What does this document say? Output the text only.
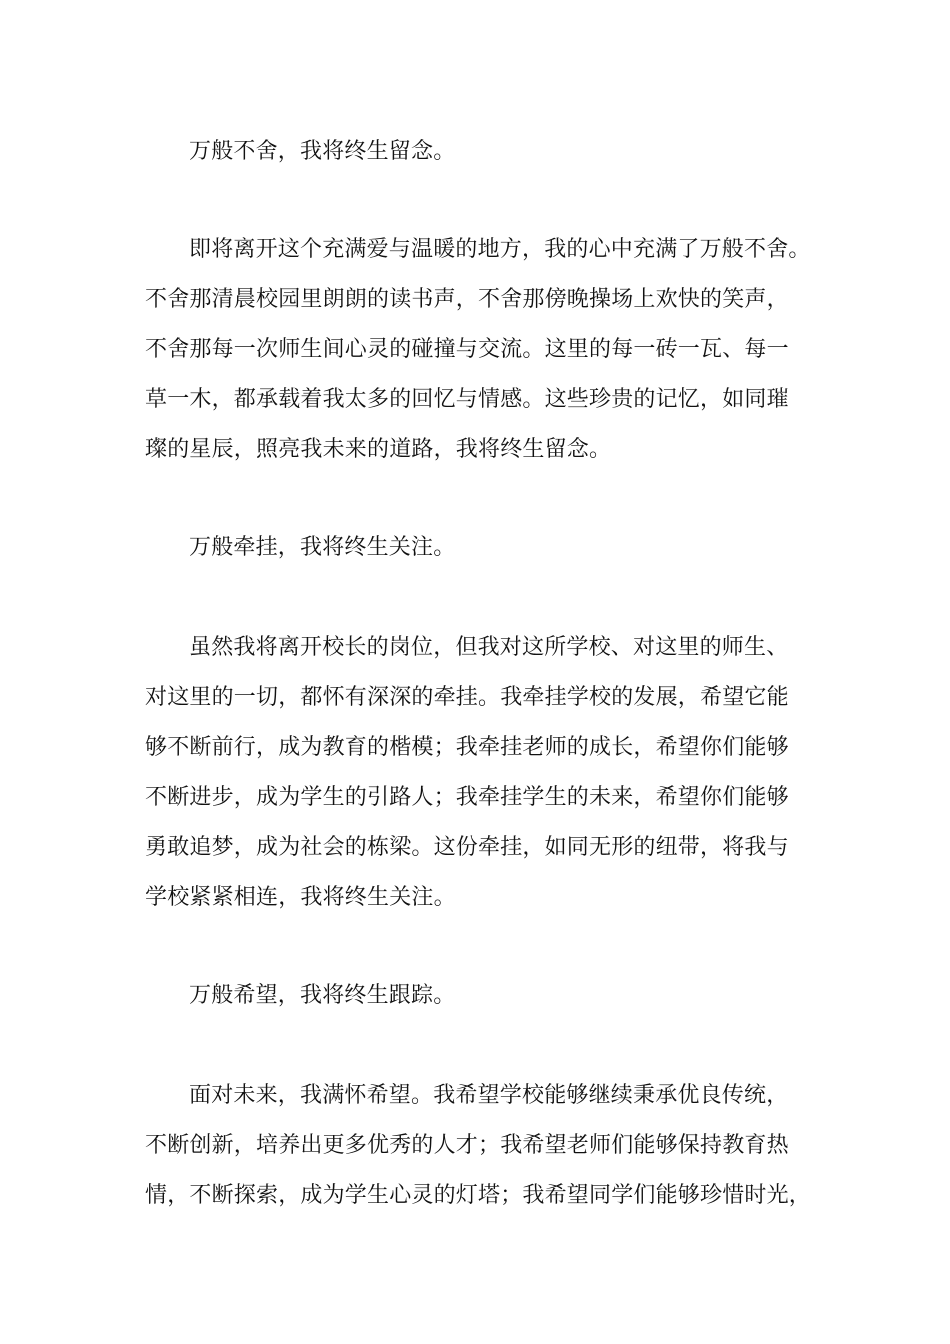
万般不舍，我将终生留念。
即将离开这个充满爱与温暖的地方，我的心中充满了万般不舍。
不舍那清晨校园里朗朗的读书声，不舍那傍晚操场上欢快的笑声，
不舍那每一次师生间心灵的碰撞与交流。这里的每一砖一瓦、每一
草一木，都承载着我太多的回忆与情感。这些珍贵的记忆，如同璀
璨的星辰，照亮我未来的道路，我将终生留念。
万般牵挂，我将终生关注。
虽然我将离开校长的岗位，但我对这所学校、对这里的师生、
对这里的一切，都怀有深深的牵挂。我牵挂学校的发展，希望它能
够不断前行，成为教育的楷模；我牵挂老师的成长，希望你们能够
不断进步，成为学生的引路人；我牵挂学生的未来，希望你们能够
勇敢追梦，成为社会的栋梁。这份牵挂，如同无形的纽带，将我与
学校紧紧相连，我将终生关注。
万般希望，我将终生跟踪。
面对未来，我满怀希望。我希望学校能够继续秉承优良传统，
不断创新，培养出更多优秀的人才；我希望老师们能够保持教育热
情，不断探索，成为学生心灵的灯塔；我希望同学们能够珍惜时光，
